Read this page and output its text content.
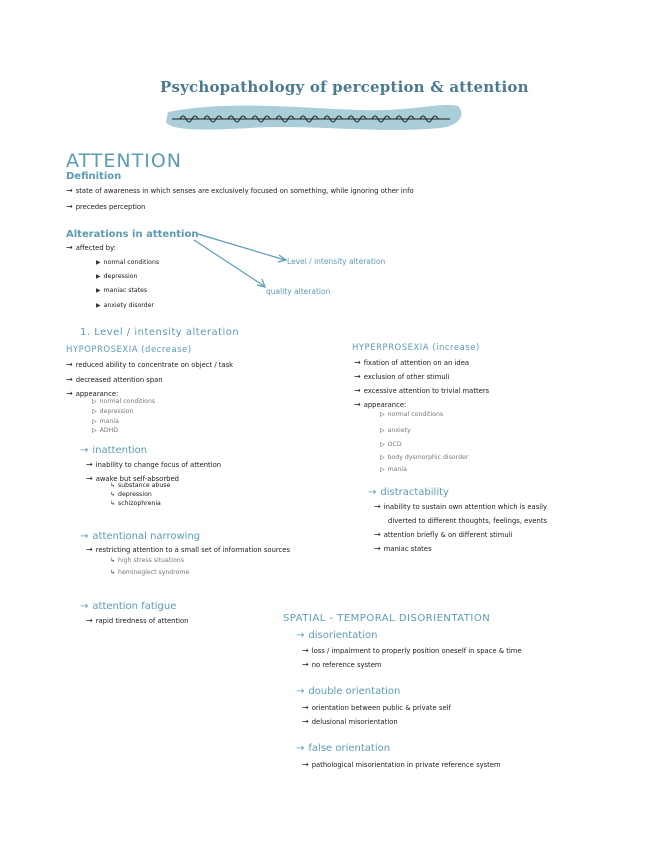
Psychopathology of perception & attention
ATTENTION
Definition
→ state of awareness in which senses are exclusively focused on something, while ignoring other info
→ precedes perception
Alterations in attention
→ affected by:
▶ normal conditions
▶ depression
▶ maniac states
▶ anxiety disorder
Level / intensity alteration
quality alteration
1. Level / intensity alteration
HYPOPROSEXIA (decrease)
→ reduced ability to concentrate on object / task
→ decreased attention span
→ appearance:
▷ normal conditions
▷ depression
▷ mania
▷ ADHD
→ inattention
→ inability to change focus of attention
→ awake but self-absorbed
↳ substance abuse
↳ depression
↳ schizophrenia
→ attentional narrowing
→ restricting attention to a small set of information sources
↳ high stress situations
↳ hemineglect syndrome
→ attention fatigue
→ rapid tiredness of attention
HYPERPROSEXIA (increase)
→ fixation of attention on an idea
→ exclusion of other stimuli
→ excessive attention to trivial matters
→ appearance:
▷ normal conditions
▷ anxiety
▷ OCD
▷ body dysmorphic disorder
▷ mania
→ distractability
→ inability to sustain own attention which is easily
diverted to different thoughts, feelings, events
→ attention briefly & on different stimuli
→ maniac states
SPATIAL - TEMPORAL DISORIENTATION
→ disorientation
→ loss / impairment to properly position oneself in space & time
→ no reference system
→ double orientation
→ orientation between public & private self
→ delusional misorientation
→ false orientation
→ pathological misorientation in private reference system
